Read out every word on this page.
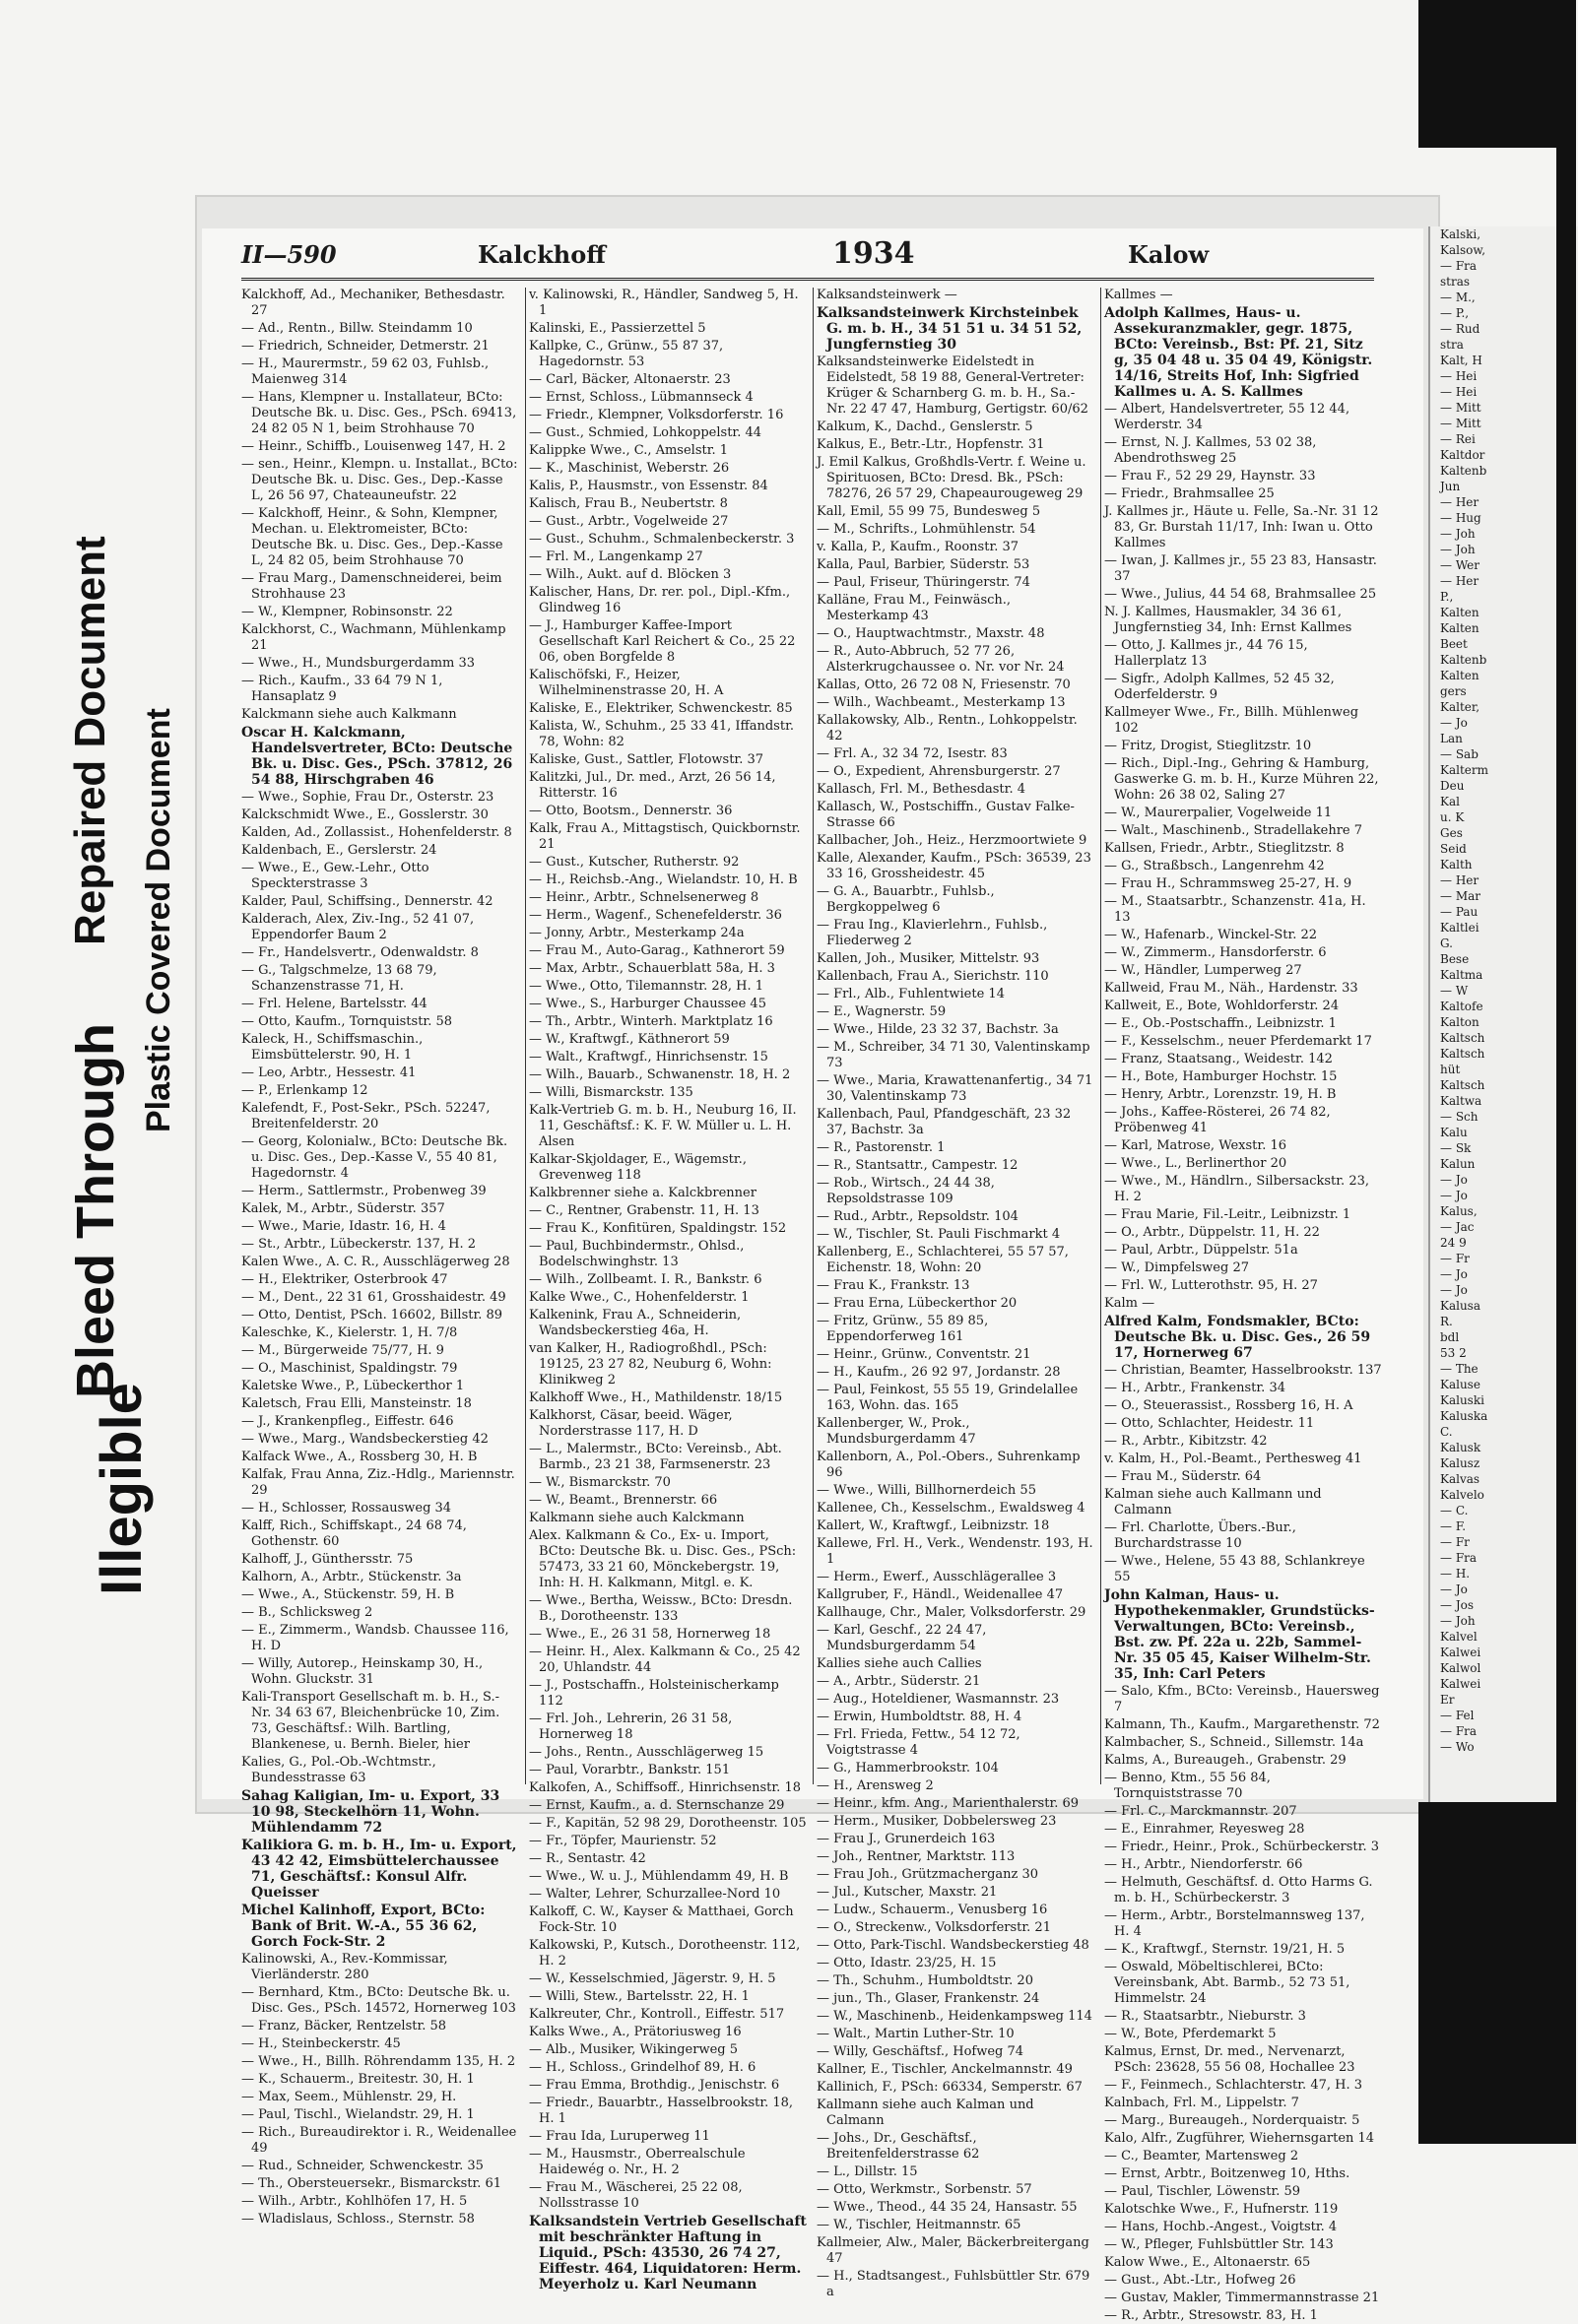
Illegible
Bleed Through
Repaired Document Plastic Covered Document
II—590	Kalckhoff	1934	Kalow
Kalckhoff, Ad., Mechaniker, Bethesdastr. 27
— Ad., Rentn., Billw. Steindamm 10
— Friedrich, Schneider, Detmerstr. 21
— H., Maurermstr., 59 62 03, Fuhlsb., Maienweg 314
— Hans, Klempner u. Installateur, BCto: Deutsche Bk. u. Disc. Ges., PSch. 69413, 24 82 05 N 1, beim Strohhause 70
— Heinr., Schiffb., Louisenweg 147, H. 2
— sen., Heinr., Klempn. u. Installat., BCto: Deutsche Bk. u. Disc. Ges., Dep.-Kasse L, 26 56 97, Chateauneufstr. 22
— Kalckhoff, Heinr., & Sohn, Klempner, Mechan. u. Elektromeister, BCto: Deutsche Bk. u. Disc. Ges., Dep.-Kasse L, 24 82 05, beim Strohhause 70
— Frau Marg., Damenschneiderei, beim Strohhause 23
— W., Klempner, Robinsonstr. 22
Kalckhorst, C., Wachmann, Mühlenkamp 21
— Wwe., H., Mundsburgerdamm 33
— Rich., Kaufm., 33 64 79 N 1, Hansaplatz 9
Kalckmann siehe auch Kalkmann
Oscar H. Kalckmann, Handelsvertreter, BCto: Deutsche Bk. u. Disc. Ges., PSch. 37812, 26 54 88, Hirschgraben 46
— Wwe., Sophie, Frau Dr., Osterstr. 23
Kalckschmidt Wwe., E., Gosslerstr. 30
Kalden, Ad., Zollassist., Hohenfelderstr. 8
Kaldenbach, E., Gerslerstr. 24
— Wwe., E., Gew.-Lehr., Otto Speckterstrasse 3
Kalder, Paul, Schiffsing., Dennerstr. 42
Kalderach, Alex, Ziv.-Ing., 52 41 07, Eppendorfer Baum 2
— Fr., Handelsvertr., Odenwaldstr. 8
— G., Talgschmelze, 13 68 79, Schanzenstrasse 71, H.
— Frl. Helene, Bartelsstr. 44
— Otto, Kaufm., Tornquiststr. 58
Kaleck, H., Schiffsmaschin., Eimsbüttelerstr. 90, H. 1
— Leo, Arbtr., Hessestr. 41
— P., Erlenkamp 12
Kalefendt, F., Post-Sekr., PSch. 52247, Breitenfelderstr. 20
— Georg, Kolonialw., BCto: Deutsche Bk. u. Disc. Ges., Dep.-Kasse V., 55 40 81, Hagedornstr. 4
— Herm., Sattlermstr., Probenweg 39
Kalek, M., Arbtr., Süderstr. 357
— Wwe., Marie, Idastr. 16, H. 4
— St., Arbtr., Lübeckerstr. 137, H. 2
Kalen Wwe., A. C. R., Ausschlägerweg 28
— H., Elektriker, Osterbrook 47
— M., Dent., 22 31 61, Grosshaidestr. 49
— Otto, Dentist, PSch. 16602, Billstr. 89
Kaleschke, K., Kielerstr. 1, H. 7/8
— M., Bürgerweide 75/77, H. 9
— O., Maschinist, Spaldingstr. 79
Kaletske Wwe., P., Lübeckerthor 1
Kaletsch, Frau Elli, Mansteinstr. 18
— J., Krankenpfleg., Eiffestr. 646
— Wwe., Marg., Wandsbeckerstieg 42
Kalfack Wwe., A., Rossberg 30, H. B
Kalfak, Frau Anna, Ziz.-Hdlg., Mariennstr. 29
— H., Schlosser, Rossausweg 34
Kalff, Rich., Schiffskapt., 24 68 74, Gothenstr. 60
Kalhoff, J., Günthersstr. 75
Kalhorn, A., Arbtr., Stückenstr. 3a
— Wwe., A., Stückenstr. 59, H. B
— B., Schlicksweg 2
— E., Zimmerm., Wandsb. Chaussee 116, H. D
— Willy, Autorep., Heinskamp 30, H., Wohn. Gluckstr. 31
Kali-Transport Gesellschaft m. b. H., S.-Nr. 34 63 67, Bleichenbrücke 10, Zim. 73, Geschäftsf.: Wilh. Bartling, Blankenese, u. Bernh. Bieler, hier
Kalies, G., Pol.-Ob.-Wchtmstr., Bundesstrasse 63
Sahag Kaligian, Im- u. Export, 33 10 98, Steckelhörn 11, Wohn. Mühlendamm 72
Kalikiora G. m. b. H., Im- u. Export, 43 42 42, Eimsbüttelerchaussee 71, Geschäftsf.: Konsul Alfr. Queisser
Michel Kalinhoff, Export, BCto: Bank of Brit. W.-A., 55 36 62, Gorch Fock-Str. 2
Kalinowski, A., Rev.-Kommissar, Vierländerstr. 280
— Bernhard, Ktm., BCto: Deutsche Bk. u. Disc. Ges., PSch. 14572, Hornerweg 103
— Franz, Bäcker, Rentzelstr. 58
— H., Steinbeckerstr. 45
— Wwe., H., Billh. Röhrendamm 135, H. 2
— K., Schauerm., Breitestr. 30, H. 1
— Max, Seem., Mühlenstr. 29, H.
— Paul, Tischl., Wielandstr. 29, H. 1
— Rich., Bureaudirektor i. R., Weidenallee 49
— Rud., Schneider, Schwenckestr. 35
— Th., Obersteuersekr., Bismarckstr. 61
— Wilh., Arbtr., Kohlhöfen 17, H. 5
— Wladislaus, Schloss., Sternstr. 58
v. Kalinowski, R., Händler, Sandweg 5, H. 1
Kalinski, E., Passierzettel 5
Kallpke, C., Grünw., 55 87 37, Hagedornstr. 53
— Carl, Bäcker, Altonaerstr. 23
— Ernst, Schloss., Lübmannseck 4
— Friedr., Klempner, Volksdorferstr. 16
— Gust., Schmied, Lohkoppelstr. 44
Kalippke Wwe., C., Amselstr. 1
— K., Maschinist, Weberstr. 26
Kalis, P., Hausmstr., von Essenstr. 84
Kalisch, Frau B., Neubertstr. 8
— Gust., Arbtr., Vogelweide 27
— Gust., Schuhm., Schmalenbeckerstr. 3
— Frl. M., Langenkamp 27
— Wilh., Aukt. auf d. Blöcken 3
Kalischer, Hans, Dr. rer. pol., Dipl.-Kfm., Glindweg 16
— J., Hamburger Kaffee-Import Gesellschaft Karl Reichert & Co., 25 22 06, oben Borgfelde 8
Kalischöfski, F., Heizer, Wilhelminenstrasse 20, H. A
Kaliske, E., Elektriker, Schwenckestr. 85
Kalista, W., Schuhm., 25 33 41, Iffandstr. 78, Wohn: 82
Kaliske, Gust., Sattler, Flotowstr. 37
Kalitzki, Jul., Dr. med., Arzt, 26 56 14, Ritterstr. 16
— Otto, Bootsm., Dennerstr. 36
Kalk, Frau A., Mittagstisch, Quickbornstr. 21
— Gust., Kutscher, Rutherstr. 92
— H., Reichsb.-Ang., Wielandstr. 10, H. B
— Heinr., Arbtr., Schnelsenerweg 8
— Herm., Wagenf., Schenefelderstr. 36
— Jonny, Arbtr., Mesterkamp 24a
— Frau M., Auto-Garag., Kathnerort 59
— Max, Arbtr., Schauerblatt 58a, H. 3
— Wwe., Otto, Tilemannstr. 28, H. 1
— Wwe., S., Harburger Chaussee 45
— Th., Arbtr., Winterh. Marktplatz 16
— W., Kraftwgf., Käthnerort 59
— Walt., Kraftwgf., Hinrichsenstr. 15
— Wilh., Bauarb., Schwanenstr. 18, H. 2
— Willi, Bismarckstr. 135
Kalk-Vertrieb G. m. b. H., Neuburg 16, II. 11, Geschäftsf.: K. F. W. Müller u. L. H. Alsen
Kalkar-Skjoldager, E., Wägemstr., Grevenweg 118
Kalkbrenner siehe a. Kalckbrenner
— C., Rentner, Grabenstr. 11, H. 13
— Frau K., Konfitüren, Spaldingstr. 152
— Paul, Buchbindermstr., Ohlsd., Bodelschwinghstr. 13
— Wilh., Zollbeamt. I. R., Bankstr. 6
Kalke Wwe., C., Hohenfelderstr. 1
Kalkenink, Frau A., Schneiderin, Wandsbeckerstieg 46a, H.
van Kalker, H., Radiogroßhdl., PSch: 19125, 23 27 82, Neuburg 6, Wohn: Klinikweg 2
Kalkhoff Wwe., H., Mathildenstr. 18/15
Kalkhorst, Cäsar, beeid. Wäger, Norderstrasse 117, H. D
— L., Malermstr., BCto: Vereinsb., Abt. Barmb., 23 21 38, Farmsenerstr. 23
— W., Bismarckstr. 70
— W., Beamt., Brennerstr. 66
Kalkmann siehe auch Kalckmann
Alex. Kalkmann & Co., Ex- u. Import, BCto: Deutsche Bk. u. Disc. Ges., PSch: 57473, 33 21 60, Mönckebergstr. 19, Inh: H. H. Kalkmann, Mitgl. e. K.
— Wwe., Bertha, Weissw., BCto: Dresdn. B., Dorotheenstr. 133
— Wwe., E., 26 31 58, Hornerweg 18
— Heinr. H., Alex. Kalkmann & Co., 25 42 20, Uhlandstr. 44
— J., Postschaffn., Holsteinischerkamp 112
— Frl. Joh., Lehrerin, 26 31 58, Hornerweg 18
— Johs., Rentn., Ausschlägerweg 15
— Paul, Vorarbtr., Bankstr. 151
Kalkofen, A., Schiffsoff., Hinrichsenstr. 18
— Ernst, Kaufm., a. d. Sternschanze 29
— F., Kapitän, 52 98 29, Dorotheenstr. 105
— Fr., Töpfer, Maurienstr. 52
— R., Sentastr. 42
— Wwe., W. u. J., Mühlendamm 49, H. B
— Walter, Lehrer, Schurzallee-Nord 10
Kalkoff, C. W., Kayser & Matthaei, Gorch Fock-Str. 10
Kalkowski, P., Kutsch., Dorotheenstr. 112, H. 2
— W., Kesselschmied, Jägerstr. 9, H. 5
— Willi, Stew., Bartelsstr. 22, H. 1
Kalkreuter, Chr., Kontroll., Eiffestr. 517
Kalks Wwe., A., Prätoriusweg 16
— Alb., Musiker, Wikingerweg 5
— H., Schloss., Grindelhof 89, H. 6
— Frau Emma, Brothdig., Jenischstr. 6
— Friedr., Bauarbtr., Hasselbrookstr. 18, H. 1
— Frau Ida, Luruperweg 11
— M., Hausmstr., Oberrealschule Haidewég o. Nr., H. 2
— Frau M., Wäscherei, 25 22 08, Nollsstrasse 10
Kalksandstein Vertrieb Gesellschaft mit beschränkter Haftung in Liquid., PSch: 43530, 26 74 27, Eiffestr. 464, Liquidatoren: Herm. Meyerholz u. Karl Neumann
Kalksandsteinwerk —
Kalksandsteinwerk Kirchsteinbek G. m. b. H., 34 51 51 u. 34 51 52, Jungfernstieg 30
Kalksandsteinwerke Eidelstedt in Eidelstedt, 58 19 88, General-Vertreter: Krüger & Scharnberg G. m. b. H., Sa.-Nr. 22 47 47, Hamburg, Gertigstr. 60/62
Kalkum, K., Dachd., Genslerstr. 5
Kalkus, E., Betr.-Ltr., Hopfenstr. 31
J. Emil Kalkus, Großhdls-Vertr. f. Weine u. Spirituosen, BCto: Dresd. Bk., PSch: 78276, 26 57 29, Chapeaurougeweg 29
Kall, Emil, 55 99 75, Bundesweg 5
— M., Schrifts., Lohmühlenstr. 54
v. Kalla, P., Kaufm., Roonstr. 37
Kalla, Paul, Barbier, Süderstr. 53
— Paul, Friseur, Thüringerstr. 74
Kalläne, Frau M., Feinwäsch., Mesterkamp 43
— O., Hauptwachtmstr., Maxstr. 48
— R., Auto-Abbruch, 52 77 26, Alsterkrugchaussee o. Nr. vor Nr. 24
Kallas, Otto, 26 72 08 N, Friesenstr. 70
— Wilh., Wachbeamt., Mesterkamp 13
Kallakowsky, Alb., Rentn., Lohkoppelstr. 42
— Frl. A., 32 34 72, Isestr. 83
— O., Expedient, Ahrensburgerstr. 27
Kallasch, Frl. M., Bethesdastr. 4
Kallasch, W., Postschiffn., Gustav Falke-Strasse 66
Kallbacher, Joh., Heiz., Herzmoortwiete 9
Kalle, Alexander, Kaufm., PSch: 36539, 23 33 16, Grossheidestr. 45
— G. A., Bauarbtr., Fuhlsb., Bergkoppelweg 6
— Frau Ing., Klavierlehrn., Fuhlsb., Fliederweg 2
Kallen, Joh., Musiker, Mittelstr. 93
Kallenbach, Frau A., Sierichstr. 110
— Frl., Alb., Fuhlentwiete 14
— E., Wagnerstr. 59
— Wwe., Hilde, 23 32 37, Bachstr. 3a
— M., Schreiber, 34 71 30, Valentinskamp 73
— Wwe., Maria, Krawattenanfertig., 34 71 30, Valentinskamp 73
Kallenbach, Paul, Pfandgeschäft, 23 32 37, Bachstr. 3a
— R., Pastorenstr. 1
— R., Stantsattr., Campestr. 12
— Rob., Wirtsch., 24 44 38, Repsoldstrasse 109
— Rud., Arbtr., Repsoldstr. 104
— W., Tischler, St. Pauli Fischmarkt 4
Kallenberg, E., Schlachterei, 55 57 57, Eichenstr. 18, Wohn: 20
— Frau K., Frankstr. 13
— Frau Erna, Lübeckerthor 20
— Fritz, Grünw., 55 89 85, Eppendorferweg 161
— Heinr., Grünw., Conventstr. 21
— H., Kaufm., 26 92 97, Jordanstr. 28
— Paul, Feinkost, 55 55 19, Grindelallee 163, Wohn. das. 165
Kallenberger, W., Prok., Mundsburgerdamm 47
Kallenborn, A., Pol.-Obers., Suhrenkamp 96
— Wwe., Willi, Billhornerdeich 55
Kallenee, Ch., Kesselschm., Ewaldsweg 4
Kallert, W., Kraftwgf., Leibnizstr. 18
Kallewe, Frl. H., Verk., Wendenstr. 193, H. 1
— Herm., Ewerf., Ausschlägerallee 3
Kallgruber, F., Händl., Weidenallee 47
Kallhauge, Chr., Maler, Volksdorferstr. 29
— Karl, Geschf., 22 24 47, Mundsburgerdamm 54
Kallies siehe auch Callies
— A., Arbtr., Süderstr. 21
— Aug., Hoteldiener, Wasmannstr. 23
— Erwin, Humboldtstr. 88, H. 4
— Frl. Frieda, Fettw., 54 12 72, Voigtstrasse 4
— G., Hammerbrookstr. 104
— H., Arensweg 2
— Heinr., kfm. Ang., Marienthalerstr. 69
— Herm., Musiker, Dobbelersweg 23
— Frau J., Grunerdeich 163
— Joh., Rentner, Marktstr. 113
— Frau Joh., Grützmacherganz 30
— Jul., Kutscher, Maxstr. 21
— Ludw., Schauerm., Venusberg 16
— O., Streckenw., Volksdorferstr. 21
— Otto, Park-Tischl. Wandsbeckerstieg 48
— Otto, Idastr. 23/25, H. 15
— Th., Schuhm., Humboldtstr. 20
— jun., Th., Glaser, Frankenstr. 24
— W., Maschinenb., Heidenkampsweg 114
— Walt., Martin Luther-Str. 10
— Willy, Geschäftsf., Hofweg 74
Kallner, E., Tischler, Anckelmannstr. 49
Kallinich, F., PSch: 66334, Semperstr. 67
Kallmann siehe auch Kalman und Calmann
— Johs., Dr., Geschäftsf., Breitenfelderstrasse 62
— L., Dillstr. 15
— Otto, Werkmstr., Sorbenstr. 57
— Wwe., Theod., 44 35 24, Hansastr. 55
— W., Tischler, Heitmannstr. 65
Kallmeier, Alw., Maler, Bäckerbreitergang 47
— H., Stadtsangest., Fuhlsbüttler Str. 679 a
Kallmes —
Adolph Kallmes, Haus- u. Assekuranzmakler, gegr. 1875, BCto: Vereinsb., Bst: Pf. 21, Sitz g, 35 04 48 u. 35 04 49, Königstr. 14/16, Streits Hof, Inh: Sigfried Kallmes u. A. S. Kallmes
— Albert, Handelsvertreter, 55 12 44, Werderstr. 34
— Ernst, N. J. Kallmes, 53 02 38, Abendrothsweg 25
— Frau F., 52 29 29, Haynstr. 33
— Friedr., Brahmsallee 25
J. Kallmes jr., Häute u. Felle, Sa.-Nr. 31 12 83, Gr. Burstah 11/17, Inh: Iwan u. Otto Kallmes
— Iwan, J. Kallmes jr., 55 23 83, Hansastr. 37
— Wwe., Julius, 44 54 68, Brahmsallee 25
N. J. Kallmes, Hausmakler, 34 36 61, Jungfernstieg 34, Inh: Ernst Kallmes
— Otto, J. Kallmes jr., 44 76 15, Hallerplatz 13
— Sigfr., Adolph Kallmes, 52 45 32, Oderfelderstr. 9
Kallmeyer Wwe., Fr., Billh. Mühlenweg 102
— Fritz, Drogist, Stieglitzstr. 10
— Rich., Dipl.-Ing., Gehring & Hamburg, Gaswerke G. m. b. H., Kurze Mühren 22, Wohn: 26 38 02, Saling 27
— W., Maurerpalier, Vogelweide 11
— Walt., Maschinenb., Stradellakehre 7
Kallsen, Friedr., Arbtr., Stieglitzstr. 8
— G., Straßbsch., Langenrehm 42
— Frau H., Schrammsweg 25-27, H. 9
— M., Staatsarbtr., Schanzenstr. 41a, H. 13
— W., Hafenarb., Winckel-Str. 22
— W., Zimmerm., Hansdorferstr. 6
— W., Händler, Lumperweg 27
Kallweid, Frau M., Näh., Hardenstr. 33
Kallweit, E., Bote, Wohldorferstr. 24
— E., Ob.-Postschaffn., Leibnizstr. 1
— F., Kesselschm., neuer Pferdemarkt 17
— Franz, Staatsang., Weidestr. 142
— H., Bote, Hamburger Hochstr. 15
— Henry, Arbtr., Lorenzstr. 19, H. B
— Johs., Kaffee-Rösterei, 26 74 82, Pröbenweg 41
— Karl, Matrose, Wexstr. 16
— Wwe., L., Berlinerthor 20
— Wwe., M., Händlrn., Silbersackstr. 23, H. 2
— Frau Marie, Fil.-Leitr., Leibnizstr. 1
— O., Arbtr., Düppelstr. 11, H. 22
— Paul, Arbtr., Düppelstr. 51a
— W., Dimpfelsweg 27
— Frl. W., Lutterothstr. 95, H. 27
Kalm —
Alfred Kalm, Fondsmakler, BCto: Deutsche Bk. u. Disc. Ges., 26 59 17, Hornerweg 67
— Christian, Beamter, Hasselbrookstr. 137
— H., Arbtr., Frankenstr. 34
— O., Steuerassist., Rossberg 16, H. A
— Otto, Schlachter, Heidestr. 11
— R., Arbtr., Kibitzstr. 42
v. Kalm, H., Pol.-Beamt., Perthesweg 41
— Frau M., Süderstr. 64
Kalman siehe auch Kallmann und Calmann
— Frl. Charlotte, Übers.-Bur., Burchardstrasse 10
— Wwe., Helene, 55 43 88, Schlankreye 55
John Kalman, Haus- u. Hypothekenmakler, Grundstücks-Verwaltungen, BCto: Vereinsb., Bst. zw. Pf. 22a u. 22b, Sammel-Nr. 35 05 45, Kaiser Wilhelm-Str. 35, Inh: Carl Peters
— Salo, Kfm., BCto: Vereinsb., Hauersweg 7
Kalmann, Th., Kaufm., Margarethenstr. 72
Kalmbacher, S., Schneid., Sillemstr. 14a
Kalms, A., Bureaugeh., Grabenstr. 29
— Benno, Ktm., 55 56 84, Tornquiststrasse 70
— Frl. C., Marckmannstr. 207
— E., Einrahmer, Reyesweg 28
— Friedr., Heinr., Prok., Schürbeckerstr. 3
— H., Arbtr., Niendorferstr. 66
— Helmuth, Geschäftsf. d. Otto Harms G. m. b. H., Schürbeckerstr. 3
— Herm., Arbtr., Borstelmannsweg 137, H. 4
— K., Kraftwgf., Sternstr. 19/21, H. 5
— Oswald, Möbeltischlerei, BCto: Vereinsbank, Abt. Barmb., 52 73 51, Himmelstr. 24
— R., Staatsarbtr., Nieburstr. 3
— W., Bote, Pferdemarkt 5
Kalmus, Ernst, Dr. med., Nervenarzt, PSch: 23628, 55 56 08, Hochallee 23
— F., Feinmech., Schlachterstr. 47, H. 3
Kalnbach, Frl. M., Lippelstr. 7
— Marg., Bureaugeh., Norderquaistr. 5
Kalo, Alfr., Zugführer, Wiehernsgarten 14
— C., Beamter, Martensweg 2
— Ernst, Arbtr., Boitzenweg 10, Hths.
— Paul, Tischler, Löwenstr. 59
Kalotschke Wwe., F., Hufnerstr. 119
— Hans, Hochb.-Angest., Voigtstr. 4
— W., Pfleger, Fuhlsbüttler Str. 143
Kalow Wwe., E., Altonaerstr. 65
— Gust., Abt.-Ltr., Hofweg 26
— Gustav, Makler, Timmermannstrasse 21
— R., Arbtr., Stresowstr. 83, H. 1
Kalski,
Kalsow,
— Fra
stras
— M.,
— P.,
— Rud
stra
Kalt, H
— Hei
— Hei
— Mitt
— Mitt
— Rei
Kaltdor
Kaltenb
Jun
— Her
— Hug
— Joh
— Joh
— Wer
— Her
P.,
Kalten
Kalten
Beet
Kaltenb
Kalten
gers
Kalter,
— Jo
Lan
— Sab
Kalterm
Deu
Kal
u. K
Ges
Seid
Kalth
— Her
— Mar
— Pau
Kaltlei
G.
Bese
Kaltma
— W
Kaltofe
Kalton
Kaltsch
Kaltsch
hüt
Kaltsch
Kaltwa
— Sch
Kalu
— Sk
Kalun
— Jo
— Jo
Kalus,
— Jac
24 9
— Fr
— Jo
— Jo
Kalusa
R.
bdl
53 2
— The
Kaluse
Kaluski
Kaluska
C.
Kalusk
Kalusz
Kalvas
Kalvelo
— C.
— F.
— Fr
— Fra
— H.
— Jo
— Jos
— Joh
Kalvel
Kalwei
Kalwol
Kalwei
Er
— Fel
— Fra
— Wo
